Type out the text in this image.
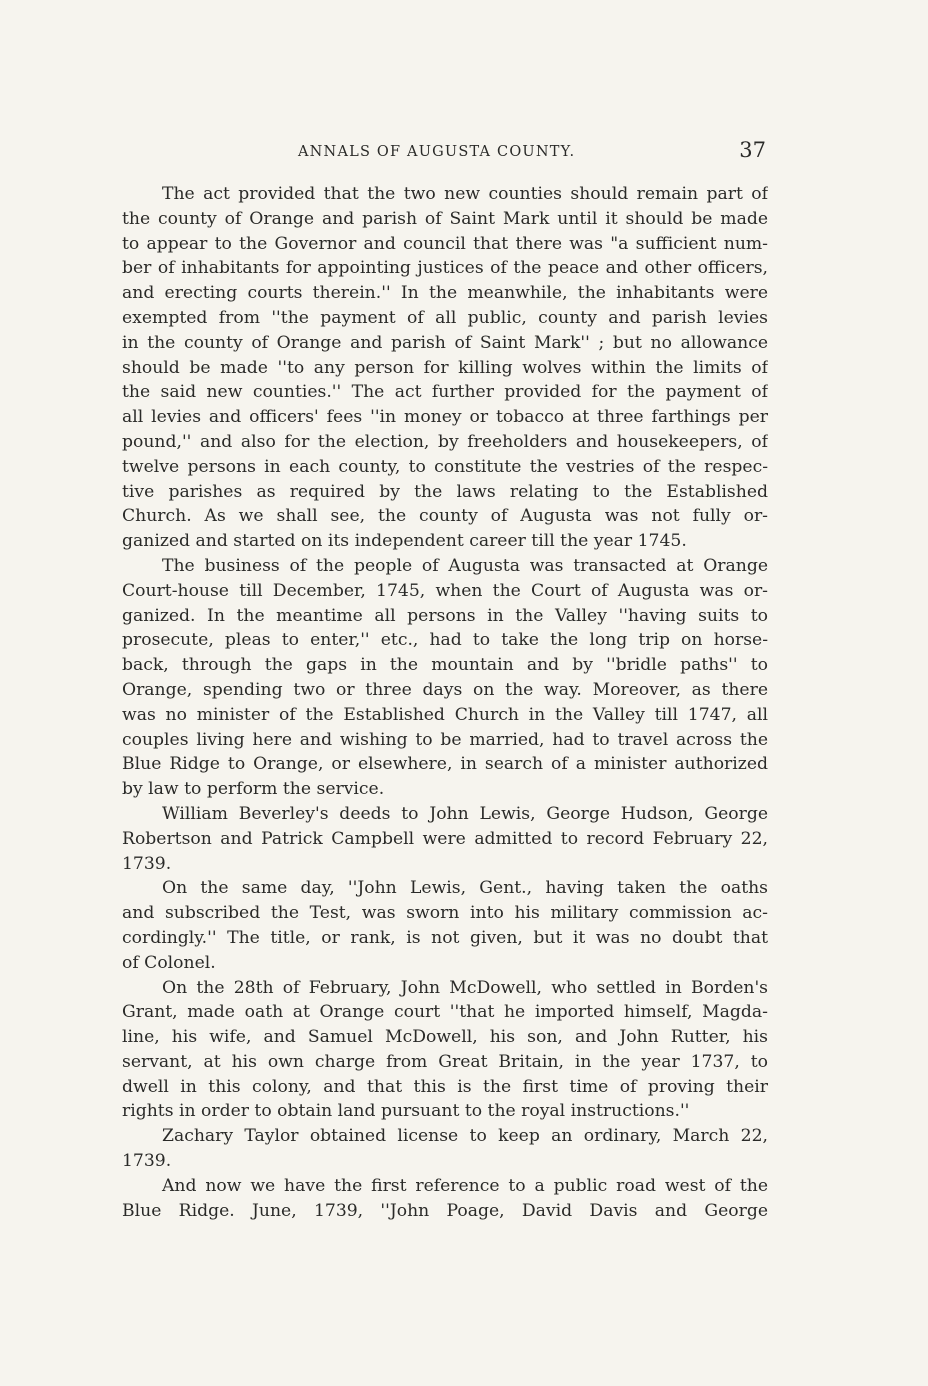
ANNALS OF AUGUSTA COUNTY.	37
The act provided that the two new counties should remain part of
the county of Orange and parish of Saint Mark until it should be made
to appear to the Governor and council that there was "a sufficient num-
ber of inhabitants for appointing justices of the peace and other officers,
and erecting courts therein.'' In the meanwhile, the inhabitants were
exempted from ''the payment of all public, county and parish levies
in the county of Orange and parish of Saint Mark'' ; but no allowance
should be made ''to any person for killing wolves within the limits of
the said new counties.'' The act further provided for the payment of
all levies and officers' fees ''in money or tobacco at three farthings per
pound,'' and also for the election, by freeholders and housekeepers, of
twelve persons in each county, to constitute the vestries of the respec-
tive parishes as required by the laws relating to the Established
Church. As we shall see, the county of Augusta was not fully or-
ganized and started on its independent career till the year 1745.
The business of the people of Augusta was transacted at Orange
Court-house till December, 1745, when the Court of Augusta was or-
ganized. In the meantime all persons in the Valley ''having suits to
prosecute, pleas to enter,'' etc., had to take the long trip on horse-
back, through the gaps in the mountain and by ''bridle paths'' to
Orange, spending two or three days on the way. Moreover, as there
was no minister of the Established Church in the Valley till 1747, all
couples living here and wishing to be married, had to travel across the
Blue Ridge to Orange, or elsewhere, in search of a minister authorized
by law to perform the service.
William Beverley's deeds to John Lewis, George Hudson, George
Robertson and Patrick Campbell were admitted to record February 22,
1739.
On the same day, ''John Lewis, Gent., having taken the oaths
and subscribed the Test, was sworn into his military commission ac-
cordingly.'' The title, or rank, is not given, but it was no doubt that
of Colonel.
On the 28th of February, John McDowell, who settled in Borden's
Grant, made oath at Orange court ''that he imported himself, Magda-
line, his wife, and Samuel McDowell, his son, and John Rutter, his
servant, at his own charge from Great Britain, in the year 1737, to
dwell in this colony, and that this is the first time of proving their
rights in order to obtain land pursuant to the royal instructions.''
Zachary Taylor obtained license to keep an ordinary, March 22,
1739.
And now we have the first reference to a public road west of the
Blue Ridge. June, 1739, ''John Poage, David Davis and George
